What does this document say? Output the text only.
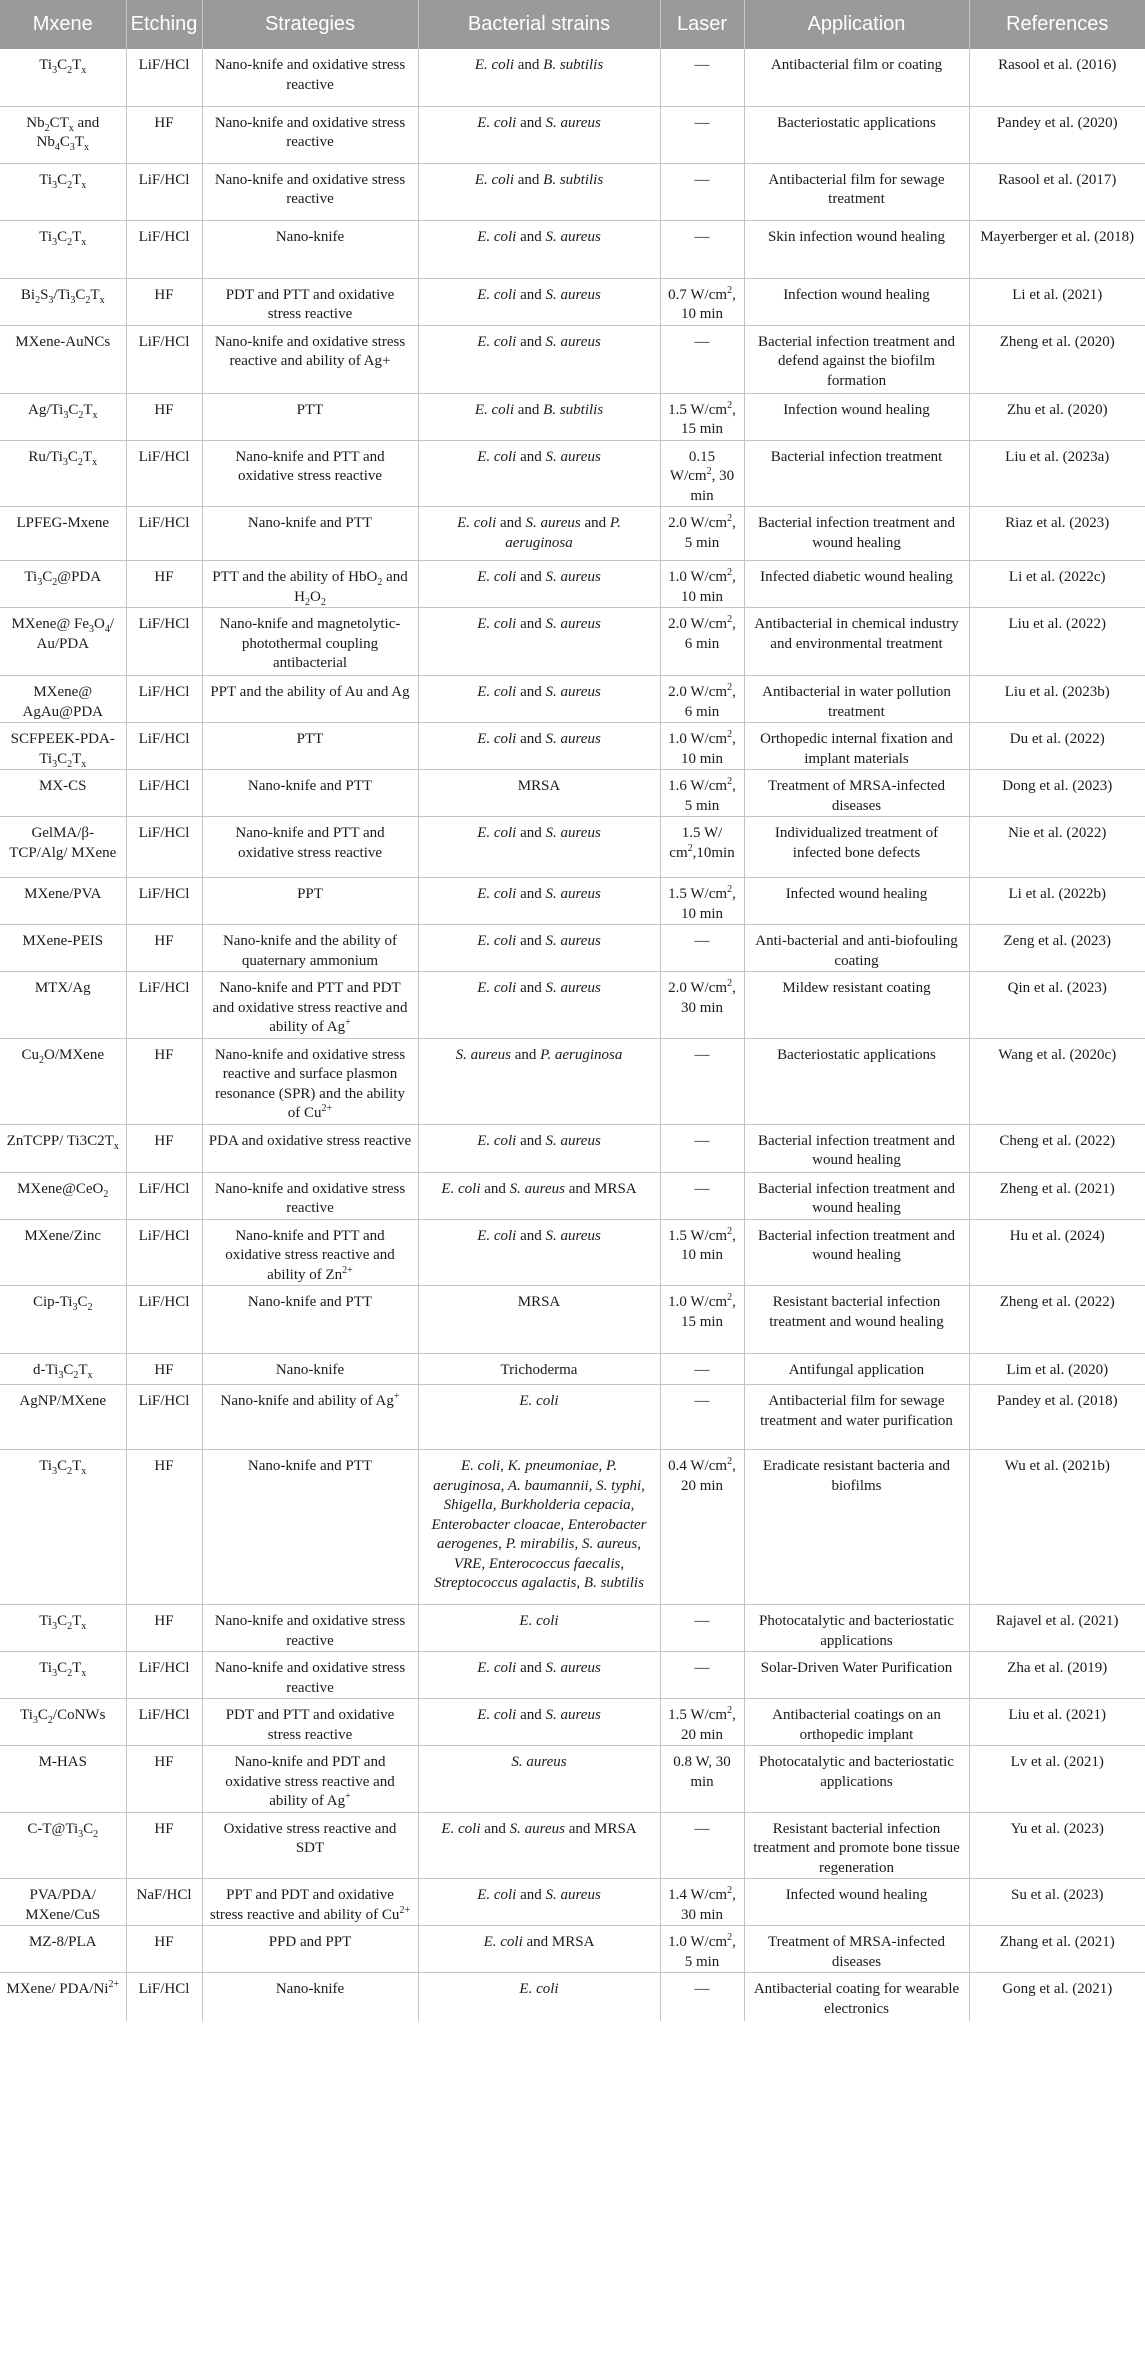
Mxene	Etching	Strategies	Bacterial strains	Laser	Application	References
$Ti_3C_2T_x$	LiF/HCl	Nano-knife and oxidative stress reactive	E. coli and B. subtilis	—	Antibacterial film or coating	Rasool et al. (2016)
$Nb_2CT_x$ and $Nb_4C_3T_x$	HF	Nano-knife and oxidative stress reactive	E. coli and S. aureus	—	Bacteriostatic applications	Pandey et al. (2020)
$Ti_3C_2T_x$	LiF/HCl	Nano-knife and oxidative stress reactive	E. coli and B. subtilis	—	Antibacterial film for sewage treatment	Rasool et al. (2017)
$Ti_3C_2T_x$	LiF/HCl	Nano-knife	E. coli and S. aureus	—	Skin infection wound healing	Mayerberger et al. (2018)
$Bi_2S_3/Ti_3C_2T_x$	HF	PDT and PTT and oxidative stress reactive	E. coli and S. aureus	0.7 $W/cm^2$, 10 min	Infection wound healing	Li et al. (2021)
MXene-AuNCs	LiF/HCl	Nano-knife and oxidative stress reactive and ability of Ag+	E. coli and S. aureus	—	Bacterial infection treatment and defend against the biofilm formation	Zheng et al. (2020)
$Ag/Ti_3C_2T_x$	HF	PTT	E. coli and B. subtilis	1.5 $W/cm^2$, 15 min	Infection wound healing	Zhu et al. (2020)
$Ru/Ti_3C_2T_x$	LiF/HCl	Nano-knife and PTT and oxidative stress reactive	E. coli and S. aureus	0.15 $W/cm^2$, 30 min	Bacterial infection treatment	Liu et al. (2023a)
LPFEG-Mxene	LiF/HCl	Nano-knife and PTT	E. coli and S. aureus and P. aeruginosa	2.0 $W/cm^2$, 5 min	Bacterial infection treatment and wound healing	Riaz et al. (2023)
$Ti_3C_2@PDA$	HF	PTT and the ability of HbO$_2$ and $H_2O_2$	E. coli and S. aureus	1.0 $W/cm^2$, 10 min	Infected diabetic wound healing	Li et al. (2022c)
MXene@ $Fe_3O_4/$ Au/PDA	LiF/HCl	Nano-knife and magnetolytic-photothermal coupling antibacterial	E. coli and S. aureus	2.0 $W/cm^2$, 6 min	Antibacterial in chemical industry and environmental treatment	Liu et al. (2022)
MXene@ AgAu@PDA	LiF/HCl	PPT and the ability of Au and Ag	E. coli and S. aureus	2.0 $W/cm^2$, 6 min	Antibacterial in water pollution treatment	Liu et al. (2023b)
SCFPEEK-$PDA-Ti_3C_2T_x$	LiF/HCl	PTT	E. coli and S. aureus	1.0 $W/cm^2$, 10 min	Orthopedic internal fixation and implant materials	Du et al. (2022)
MX-CS	LiF/HCl	Nano-knife and PTT	MRSA	1.6 $W/cm^2$, 5 min	Treatment of MRSA-infected diseases	Dong et al. (2023)
GelMA/β-TCP/Alg/ MXene	LiF/HCl	Nano-knife and PTT and oxidative stress reactive	E. coli and S. aureus	1.5 W/ $cm^2,10\min$	Individualized treatment of infected bone defects	Nie et al. (2022)
MXene/PVA	LiF/HCl	PPT	E. coli and S. aureus	1.5 $W/cm^2$, 10 min	Infected wound healing	Li et al. (2022b)
MXene-PEIS	HF	Nano-knife and the ability of quaternary ammonium	E. coli and S. aureus	—	Anti-bacterial and anti-biofouling coating	Zeng et al. (2023)
MTX/Ag	LiF/HCl	Nano-knife and PTT and PDT and oxidative stress reactive and ability of Ag+	E. coli and S. aureus	2.0 $W/cm^2$, 30 min	Mildew resistant coating	Qin et al. (2023)
$Cu_2O$/MXene	HF	Nano-knife and oxidative stress reactive and surface plasmon resonance (SPR) and the ability of $Cu^{2+}$	S. aureus and P. aeruginosa	—	Bacteriostatic applications	Wang et al. (2020c)
ZnTCPP/ $Ti3C2T_x$	HF	PDA and oxidative stress reactive	E. coli and S. aureus	—	Bacterial infection treatment and wound healing	Cheng et al. (2022)
MXene@CeO$_2$	LiF/HCl	Nano-knife and oxidative stress reactive	E. coli and S. aureus and MRSA	—	Bacterial infection treatment and wound healing	Zheng et al. (2021)
MXene/Zinc	LiF/HCl	Nano-knife and PTT and oxidative stress reactive and ability of $Zn^{2+}$	E. coli and S. aureus	1.5 $W/cm^2$, 10 min	Bacterial infection treatment and wound healing	Hu et al. (2024)
Cip-$Ti_3C_2$	LiF/HCl	Nano-knife and PTT	MRSA	1.0 $W/cm^2$, 15 min	Resistant bacterial infection treatment and wound healing	Zheng et al. (2022)
$d-Ti_3C_2T_x$	HF	Nano-knife	Trichoderma	—	Antifungal application	Lim et al. (2020)
AgNP/MXene	LiF/HCl	Nano-knife and ability of Ag+	E. coli	—	Antibacterial film for sewage treatment and water purification	Pandey et al. (2018)
$Ti_3C_2T_x$	HF	Nano-knife and PTT	E. coli, K. pneumoniae, P. aeruginosa, A. baumannii, S. typhi, Shigella, Burkholderia cepacia, Enterobacter cloacae, Enterobacter aerogenes, P. mirabilis, S. aureus, VRE, Enterococcus faecalis, Streptococcus agalactis, B. subtilis	0.4 $W/cm^2$, 20 min	Eradicate resistant bacteria and biofilms	Wu et al. (2021b)
$Ti_3C_2T_x$	HF	Nano-knife and oxidative stress reactive	E. coli	—	Photocatalytic and bacteriostatic applications	Rajavel et al. (2021)
$Ti_3C_2T_x$	LiF/HCl	Nano-knife and oxidative stress reactive	E. coli and S. aureus	—	Solar-Driven Water Purification	Zha et al. (2019)
$Ti_3C_2$/CoNWs	LiF/HCl	PDT and PTT and oxidative stress reactive	E. coli and S. aureus	1.5 $W/cm^2$, 20 min	Antibacterial coatings on an orthopedic implant	Liu et al. (2021)
M-HAS	HF	Nano-knife and PDT and oxidative stress reactive and ability of Ag+	S. aureus	0.8 W, 30 min	Photocatalytic and bacteriostatic applications	Lv et al. (2021)
$C-T@Ti_3C_2$	HF	Oxidative stress reactive and SDT	E. coli and S. aureus and MRSA	—	Resistant bacterial infection treatment and promote bone tissue regeneration	Yu et al. (2023)
PVA/PDA/ MXene/CuS	NaF/HCl	PPT and PDT and oxidative stress reactive and ability of $Cu^{2+}$	E. coli and S. aureus	1.4 $W/cm^2$, 30 min	Infected wound healing	Su et al. (2023)
MZ-8/PLA	HF	PPD and PPT	E. coli and MRSA	1.0 $W/cm^2$, 5 min	Treatment of MRSA-infected diseases	Zhang et al. (2021)
MXene/ PDA/$Ni^{2+}$	LiF/HCl	Nano-knife	E. coli	—	Antibacterial coating for wearable electronics	Gong et al. (2021)
